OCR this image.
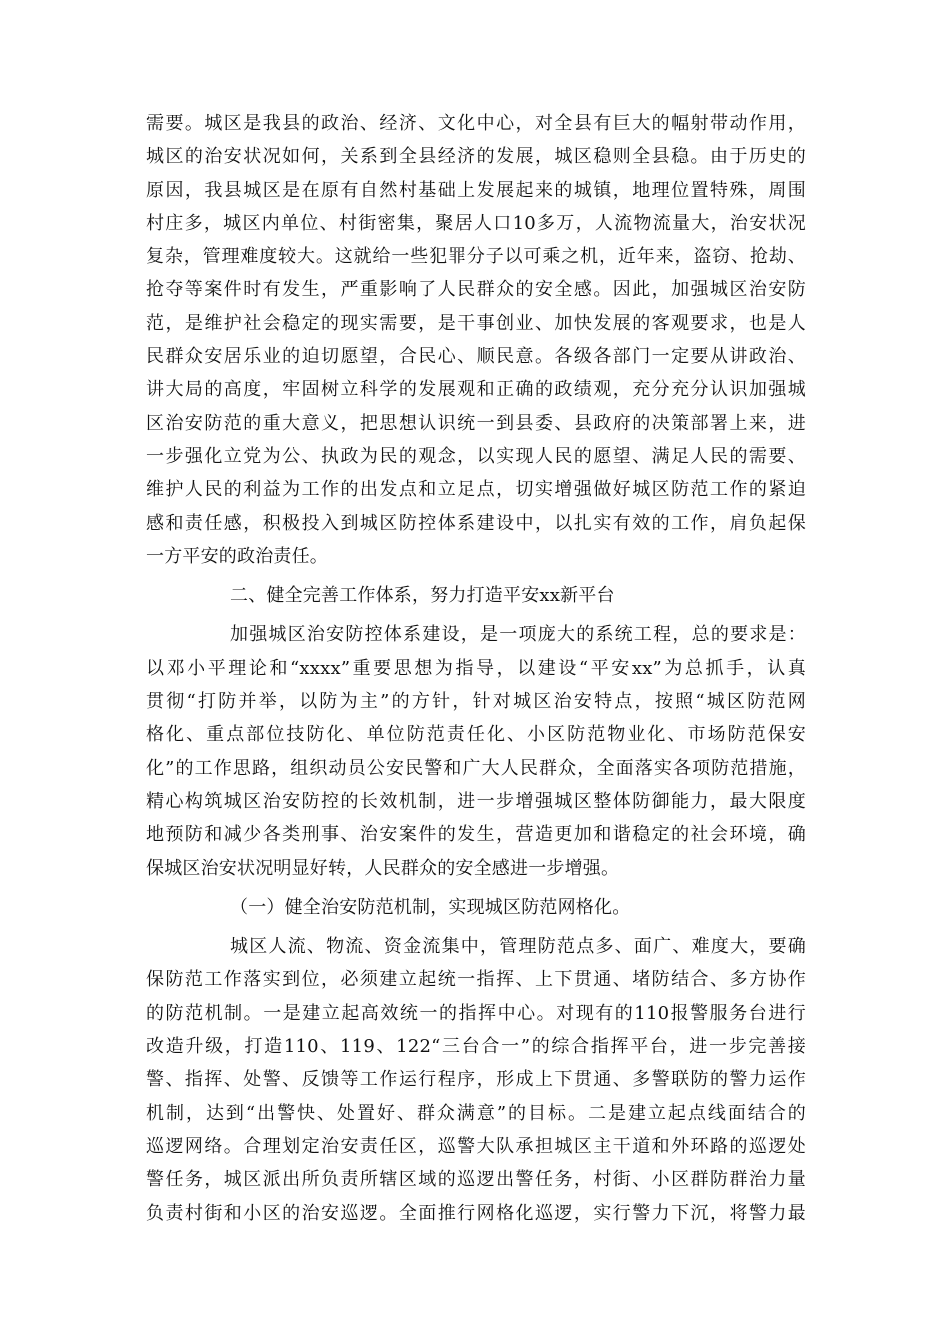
需要。城区是我县的政治、经济、文化中心，对全县有巨大的幅射带动作用，
城区的治安状况如何，关系到全县经济的发展，城区稳则全县稳。由于历史的
原因，我县城区是在原有自然村基础上发展起来的城镇，地理位置特殊，周围
村庄多，城区内单位、村街密集，聚居人口10多万，人流物流量大，治安状况
复杂，管理难度较大。这就给一些犯罪分子以可乘之机，近年来，盗窃、抢劫、
抢夺等案件时有发生，严重影响了人民群众的安全感。因此，加强城区治安防
范，是维护社会稳定的现实需要，是干事创业、加快发展的客观要求，也是人
民群众安居乐业的迫切愿望，合民心、顺民意。各级各部门一定要从讲政治、
讲大局的高度，牢固树立科学的发展观和正确的政绩观，充分充分认识加强城
区治安防范的重大意义，把思想认识统一到县委、县政府的决策部署上来，进
一步强化立党为公、执政为民的观念，以实现人民的愿望、满足人民的需要、
维护人民的利益为工作的出发点和立足点，切实增强做好城区防范工作的紧迫
感和责任感，积极投入到城区防控体系建设中，以扎实有效的工作，肩负起保
一方平安的政治责任。
二、健全完善工作体系，努力打造平安xx新平台
加强城区治安防控体系建设，是一项庞大的系统工程，总的要求是：
以邓小平理论和“xxxx”重要思想为指导，以建设“平安xx”为总抓手，认真
贯彻“打防并举，以防为主”的方针，针对城区治安特点，按照“城区防范网
格化、重点部位技防化、单位防范责任化、小区防范物业化、市场防范保安
化”的工作思路，组织动员公安民警和广大人民群众，全面落实各项防范措施，
精心构筑城区治安防控的长效机制，进一步增强城区整体防御能力，最大限度
地预防和减少各类刑事、治安案件的发生，营造更加和谐稳定的社会环境，确
保城区治安状况明显好转，人民群众的安全感进一步增强。
（一）健全治安防范机制，实现城区防范网格化。
城区人流、物流、资金流集中，管理防范点多、面广、难度大，要确
保防范工作落实到位，必须建立起统一指挥、上下贯通、堵防结合、多方协作
的防范机制。一是建立起高效统一的指挥中心。对现有的110报警服务台进行
改造升级，打造110、119、122“三台合一”的综合指挥平台，进一步完善接
警、指挥、处警、反馈等工作运行程序，形成上下贯通、多警联防的警力运作
机制，达到“出警快、处置好、群众满意”的目标。二是建立起点线面结合的
巡逻网络。合理划定治安责任区，巡警大队承担城区主干道和外环路的巡逻处
警任务，城区派出所负责所辖区域的巡逻出警任务，村街、小区群防群治力量
负责村街和小区的治安巡逻。全面推行网格化巡逻，实行警力下沉，将警力最
